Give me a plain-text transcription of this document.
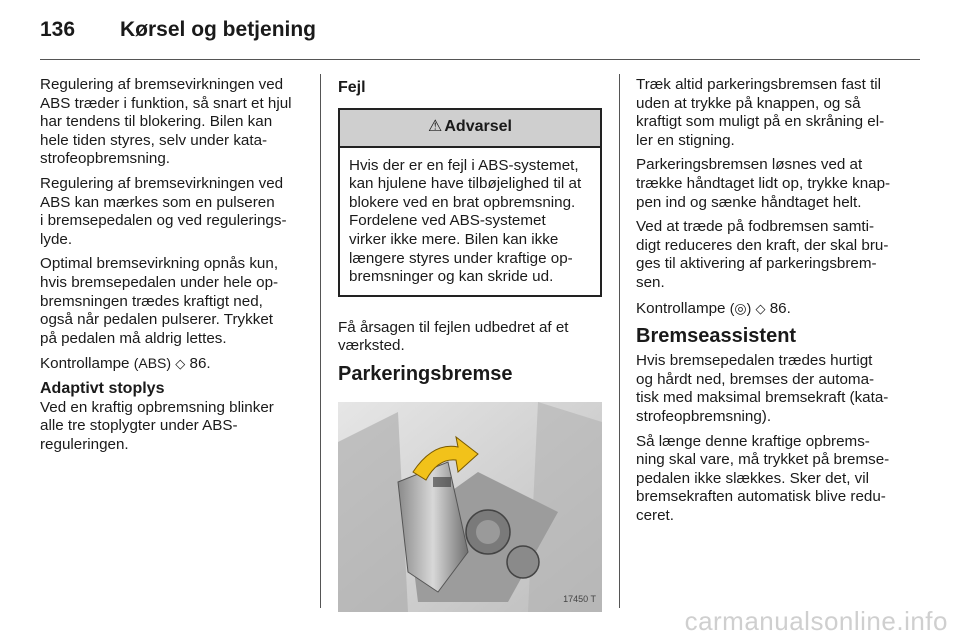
136	Kørsel og betjening

Regulering af bremsevirkningen ved
ABS træder i funktion, så snart et hjul
har tendens til blokering. Bilen kan
hele tiden styres, selv under kata-
strofeopbremsning.

Regulering af bremsevirkningen ved
ABS kan mærkes som en pulseren
i bremsepedalen og ved regulerings-
lyde.

Optimal bremsevirkning opnås kun,
hvis bremsepedalen under hele op-
bremsningen trædes kraftigt ned,
også når pedalen pulserer. Trykket
på pedalen må aldrig lettes.

Kontrollampe (ABS) ◇ 86.

Adaptivt stoplys

Ved en kraftig opbremsning blinker
alle tre stoplygter under ABS-
reguleringen.

Fejl
⚠ Advarsel
Hvis der er en fejl i ABS-systemet,
kan hjulene have tilbøjelighed til at
blokere ved en brat opbremsning.
Fordelene ved ABS-systemet
virker ikke mere. Bilen kan ikke
længere styres under kraftige op-
bremsninger og kan skride ud.

Få årsagen til fejlen udbedret af et
værksted.

Parkeringsbremse
17450 T

Træk altid parkeringsbremsen fast til
uden at trykke på knappen, og så
kraftigt som muligt på en skråning el-
ler en stigning.

Parkeringsbremsen løsnes ved at
trække håndtaget lidt op, trykke knap-
pen ind og sænke håndtaget helt.

Ved at træde på fodbremsen samti-
digt reduceres den kraft, der skal bru-
ges til aktivering af parkeringsbrem-
sen.

Kontrollampe (◎) ◇ 86.

Bremseassistent

Hvis bremsepedalen trædes hurtigt
og hårdt ned, bremses der automa-
tisk med maksimal bremsekraft (kata-
strofeopbremsning).

Så længe denne kraftige opbrems-
ning skal vare, må trykket på bremse-
pedalen ikke slækkes. Sker det, vil
bremsekraften automatisk blive redu-
ceret.

carmanualsonline.info
